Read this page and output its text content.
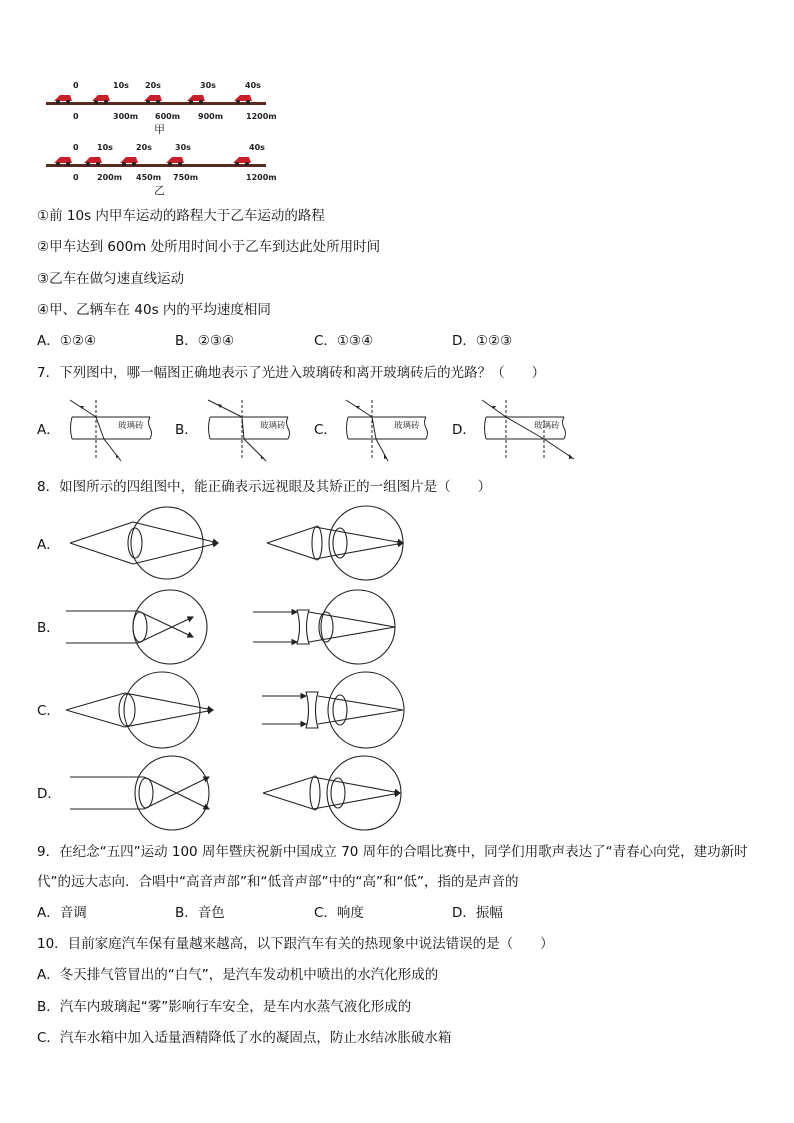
0	10s 20s	30s	40s
0	300m 600m 900m	1200m
甲
0 10s	20s	30s	40s
0 200m 450m 750m	1200m
乙
①前 10s 内甲车运动的路程大于乙车运动的路程
②甲车达到 600m 处所用时间小于乙车到达此处所用时间
③乙车在做匀速直线运动
④甲、乙辆车在 40s 内的平均速度相同
A．①②④	B．②③④	C．①③④	D．①②③
7．下列图中，哪一幅图正确地表示了光进入玻璃砖和离开玻璃砖后的光路？（　　）
A．	B．	C．	D．
玻璃砖	玻璃砖	玻璃砖	玻璃砖
8．如图所示的四组图中，能正确表示远视眼及其矫正的一组图片是（　　）
A．
B．
C．
D．
9．在纪念“五四”运动 100 周年暨庆祝新中国成立 70 周年的合唱比赛中，同学们用歌声表达了“青春心向党，建功新时
代”的远大志向．合唱中“高音声部”和“低音声部”中的“高”和“低”，指的是声音的
A．音调	B．音色	C．响度	D．振幅
10．目前家庭汽车保有量越来越高，以下跟汽车有关的热现象中说法错误的是（　　）
A．冬天排气管冒出的“白气”，是汽车发动机中喷出的水汽化形成的
B．汽车内玻璃起“雾”影响行车安全，是车内水蒸气液化形成的
C．汽车水箱中加入适量酒精降低了水的凝固点，防止水结冰胀破水箱
